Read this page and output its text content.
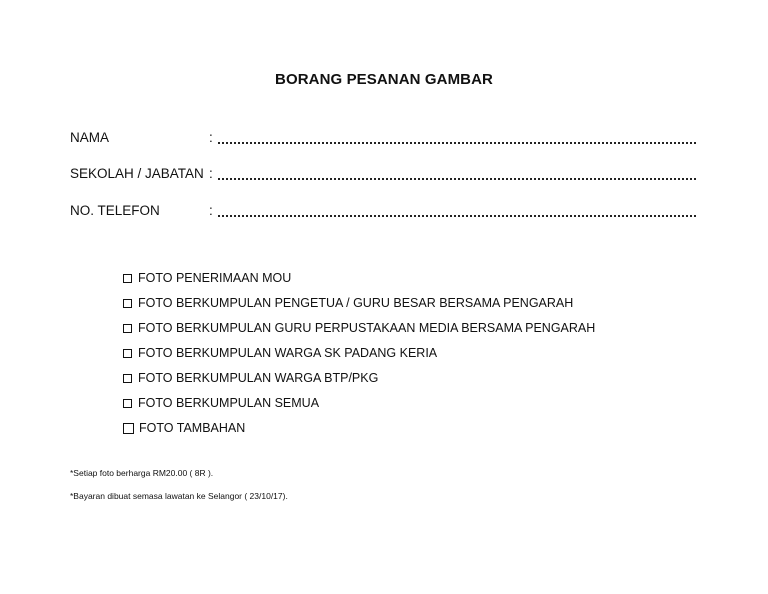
BORANG PESANAN GAMBAR
NAMA	:
SEKOLAH / JABATAN :
NO. TELEFON	:
FOTO PENERIMAAN MOU
FOTO BERKUMPULAN PENGETUA / GURU BESAR BERSAMA PENGARAH
FOTO BERKUMPULAN GURU PERPUSTAKAAN MEDIA BERSAMA PENGARAH
FOTO BERKUMPULAN WARGA SK PADANG KERIA
FOTO BERKUMPULAN WARGA BTP/PKG
FOTO BERKUMPULAN SEMUA
FOTO TAMBAHAN
*Setiap foto berharga RM20.00 ( 8R ).
*Bayaran dibuat semasa lawatan ke Selangor ( 23/10/17).
